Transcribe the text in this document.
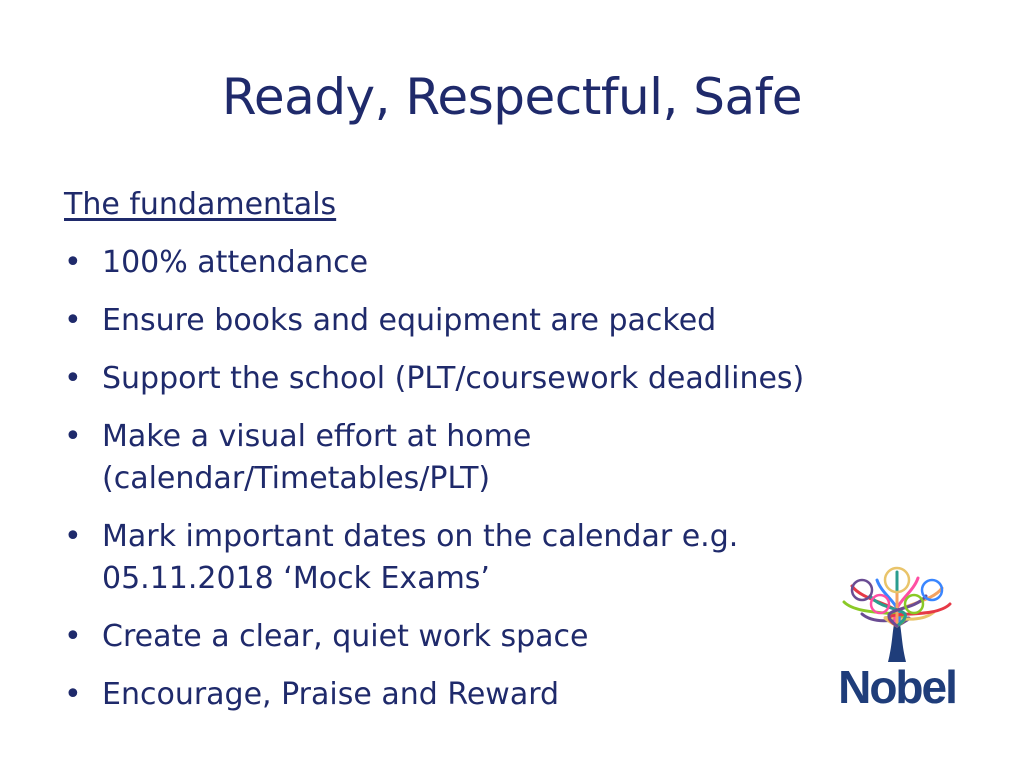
Ready, Respectful, Safe

The fundamentals

• 100% attendance
• Ensure books and equipment are packed
• Support the school (PLT/coursework deadlines)
• Make a visual effort at home
(calendar/Timetables/PLT)
• Mark important dates on the calendar e.g.
05.11.2018 ‘Mock Exams’
• Create a clear, quiet work space
• Encourage, Praise and Reward	Nobel
